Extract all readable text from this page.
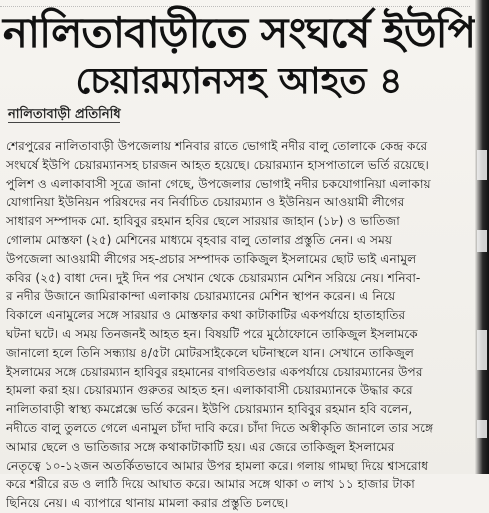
নালিতাবাড়ীতে সংঘর্ষে ইউপি
চেয়ারম্যানসহ আহত ৪
নালিতাবাড়ী প্রতিনিধি

শেরপুরের নালিতাবাড়ী উপজেলায় শনিবার রাতে ভোগাই নদীর বালু তোলাকে কেন্দ্র করে

সংঘর্ষে ইউপি চেয়ারম্যানসহ চারজন আহত হয়েছে। চেয়ারম্যান হাসপাতালে ভর্তি রয়েছে।

পুলিশ ও এলাকাবাসী সূত্রে জানা গেছে, উপজেলার ভোগাই নদীর চকযোগানিয়া এলাকায়

যোগানিয়া ইউনিয়ন পরিষদের নব নির্বাচিত চেয়ারম্যান ও ইউনিয়ন আওয়ামী লীগের

সাধারণ সম্পাদক মো. হাবিবুর রহমান হবির ছেলে সারয়ার জাহান (১৮) ও ভাতিজা

গোলাম মোস্তফা (২৫) মেশিনের মাধ্যমে বৃহবার বালু তোলার প্রস্তুতি নেন। এ সময়

উপজেলা আওয়ামী লীগের সহ-প্রচার সম্পাদক তাকিজুল ইসলামের ছোট ভাই এনামুল

কবির (২৫) বাধা দেন। দুই দিন পর সেখান থেকে চেয়ারম্যান মেশিন সরিয়ে নেয়। শনিবা-

র নদীর উজানে জামিরাকান্দা এলাকায় চেয়ারম্যানের মেশিন স্থাপন করেন। এ নিয়ে

বিকালে এনামুলের সঙ্গে সারয়ার ও মোস্তফার কথা কাটাকাটির একপর্যায়ে হাতাহাতির

ঘটনা ঘটে। এ সময় তিনজনই আহত হন। বিষয়টি পরে মুঠোফোনে তাকিজুল ইসলামকে

জানালো হলে তিনি সন্ধ্যায় ৪/৫টা মোটরসাইকেলে ঘটনাস্থলে যান। সেখানে তাকিজুল

ইসলামের সঙ্গে চেয়ারম্যান হাবিবুর রহমানের বাগবিতণ্ডার একপর্যায়ে চেয়ারম্যানের উপর

হামলা করা হয়। চেয়ারম্যান গুরুতর আহত হন। এলাকাবাসী চেয়ারম্যানকে উদ্ধার করে

নালিতাবাড়ী স্বাস্থ্য কমপ্লেক্সে ভর্তি করেন। ইউপি চেয়ারম্যান হাবিবুর রহমান হবি বলেন,

নদীতে বালু তুলতে গেলে এনামুল চাঁদা দাবি করে। চাঁদা দিতে অস্বীকৃতি জানালে তার সঙ্গে

আমার ছেলে ও ভাতিজার সঙ্গে কথাকাটাকাটি হয়। এর জেরে তাকিজুল ইসলামের

নেতৃত্বে ১০-১২জন অতর্কিতভাবে আমার উপর হামলা করে। গলায় গামছা দিয়ে শ্বাসরোধ

করে শরীরে রড ও লাঠি দিয়ে আঘাত করে। আমার সঙ্গে থাকা ৩ লাখ ১১ হাজার টাকা

ছিনিয়ে নেয়। এ ব্যাপারে থানায় মামলা করার প্রস্তুতি চলছে।
